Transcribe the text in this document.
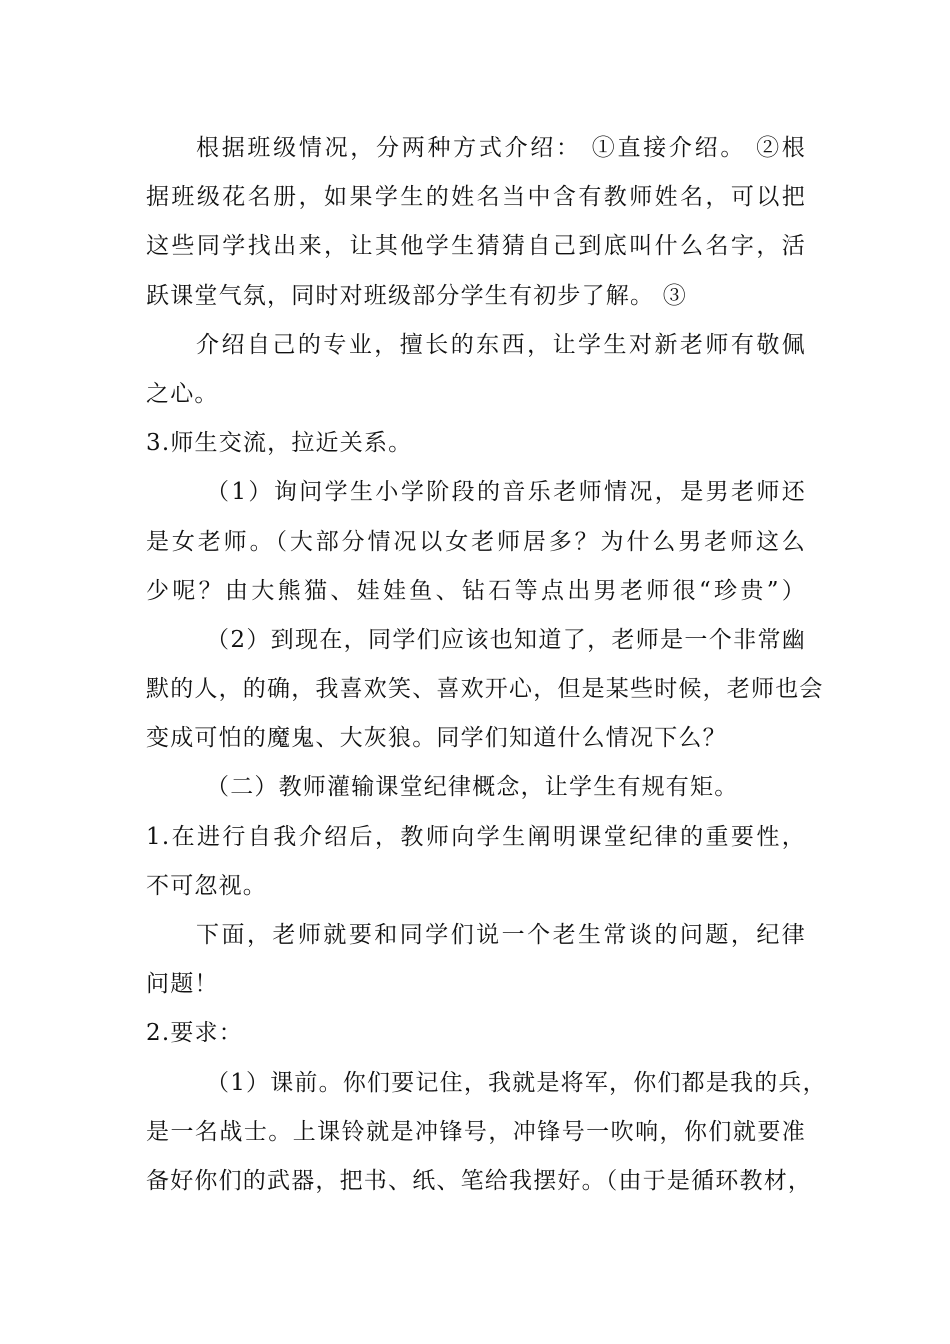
根据班级情况，分两种方式介绍： ①直接介绍。 ②根
据班级花名册，如果学生的姓名当中含有教师姓名，可以把
这些同学找出来，让其他学生猜猜自己到底叫什么名字，活
跃课堂气氛，同时对班级部分学生有初步了解。 ③
介绍自己的专业，擅长的东西，让学生对新老师有敬佩
之心。
3.师生交流，拉近关系。
（1）询问学生小学阶段的音乐老师情况，是男老师还
是女老师。（大部分情况以女老师居多？为什么男老师这么
少呢？由大熊猫、娃娃鱼、钻石等点出男老师很“珍贵”）
（2）到现在，同学们应该也知道了，老师是一个非常幽
默的人，的确，我喜欢笑、喜欢开心，但是某些时候，老师也会
变成可怕的魔鬼、大灰狼。同学们知道什么情况下么？
（二）教师灌输课堂纪律概念，让学生有规有矩。
1.在进行自我介绍后，教师向学生阐明课堂纪律的重要性，
不可忽视。
下面，老师就要和同学们说一个老生常谈的问题，纪律
问题！
2.要求：
（1）课前。你们要记住，我就是将军，你们都是我的兵，
是一名战士。上课铃就是冲锋号，冲锋号一吹响，你们就要准
备好你们的武器，把书、纸、笔给我摆好。（由于是循环教材，
